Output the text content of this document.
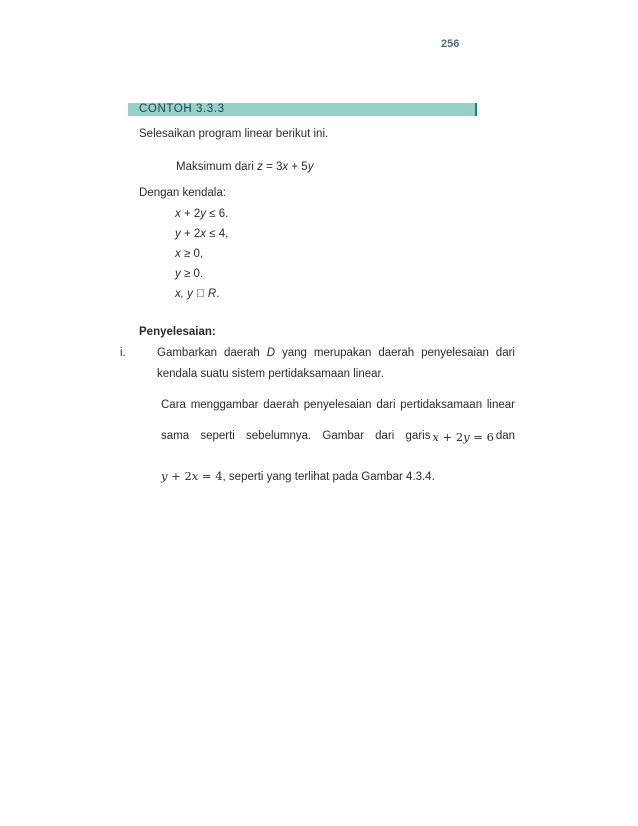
256
CONTOH 3.3.3
Selesaikan program linear berikut ini.
Maksimum dari z = 3x + 5y
Dengan kendala:
x + 2y ≤ 6.
y + 2x ≤ 4,
x ≥ 0,
y ≥ 0.
x, y R.
Penyelesaian:
i.	Gambarkan daerah D yang merupakan daerah penyelesaian dari
kendala suatu sistem pertidaksamaan linear.
Cara menggambar daerah penyelesaian dari pertidaksamaan linear
sama seperti sebelumnya. Gambar dari garis x + 2y = 6 dan
y + 2x = 4, seperti yang terlihat pada Gambar 4.3.4.
